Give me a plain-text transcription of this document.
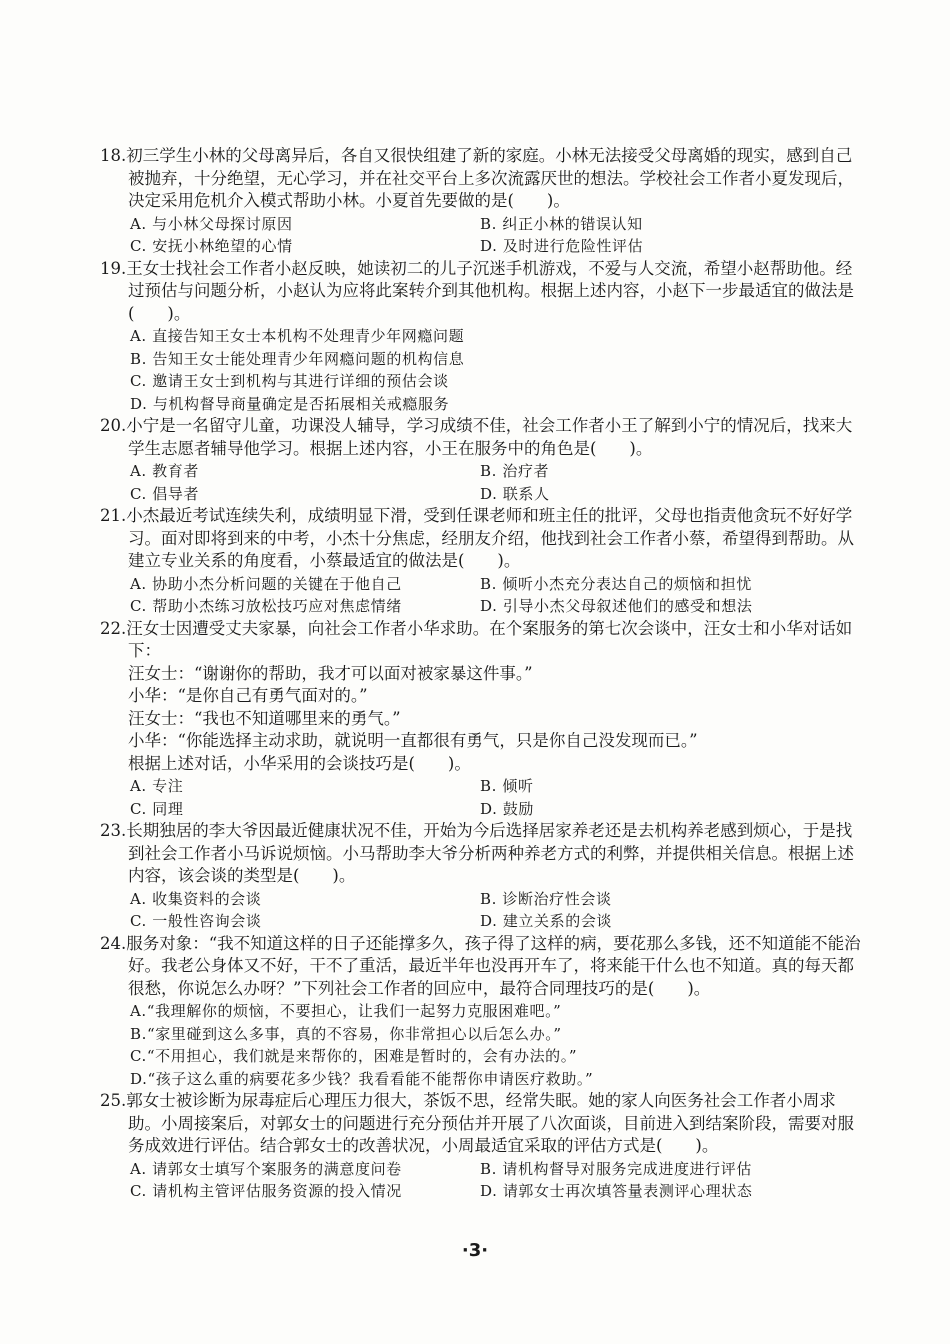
18.初三学生小林的父母离异后，各自又很快组建了新的家庭。小林无法接受父母离婚的现实，感到自己被抛弃，十分绝望，无心学习，并在社交平台上多次流露厌世的想法。学校社会工作者小夏发现后，决定采用危机介入模式帮助小林。小夏首先要做的是(　　)。

A. 与小林父母探讨原因	B. 纠正小林的错误认知
C. 安抚小林绝望的心情	D. 及时进行危险性评估

19.王女士找社会工作者小赵反映，她读初二的儿子沉迷手机游戏，不爱与人交流，希望小赵帮助他。经过预估与问题分析，小赵认为应将此案转介到其他机构。根据上述内容，小赵下一步最适宜的做法是(　　)。

A. 直接告知王女士本机构不处理青少年网瘾问题
B. 告知王女士能处理青少年网瘾问题的机构信息
C. 邀请王女士到机构与其进行详细的预估会谈
D. 与机构督导商量确定是否拓展相关戒瘾服务

20.小宁是一名留守儿童，功课没人辅导，学习成绩不佳，社会工作者小王了解到小宁的情况后，找来大学生志愿者辅导他学习。根据上述内容，小王在服务中的角色是(　　)。

A. 教育者	B. 治疗者
C. 倡导者	D. 联系人

21.小杰最近考试连续失利，成绩明显下滑，受到任课老师和班主任的批评，父母也指责他贪玩不好好学习。面对即将到来的中考，小杰十分焦虑，经朋友介绍，他找到社会工作者小蔡，希望得到帮助。从建立专业关系的角度看，小蔡最适宜的做法是(　　)。

A. 协助小杰分析问题的关键在于他自己	B. 倾听小杰充分表达自己的烦恼和担忧
C. 帮助小杰练习放松技巧应对焦虑情绪	D. 引导小杰父母叙述他们的感受和想法

22.汪女士因遭受丈夫家暴，向社会工作者小华求助。在个案服务的第七次会谈中，汪女士和小华对话如下：

汪女士：“谢谢你的帮助，我才可以面对被家暴这件事。”

小华：“是你自己有勇气面对的。”

汪女士：“我也不知道哪里来的勇气。”

小华：“你能选择主动求助，就说明一直都很有勇气，只是你自己没发现而已。”

根据上述对话，小华采用的会谈技巧是(　　)。

A. 专注	B. 倾听
C. 同理	D. 鼓励

23.长期独居的李大爷因最近健康状况不佳，开始为今后选择居家养老还是去机构养老感到烦心，于是找到社会工作者小马诉说烦恼。小马帮助李大爷分析两种养老方式的利弊，并提供相关信息。根据上述内容，该会谈的类型是(　　)。

A. 收集资料的会谈	B. 诊断治疗性会谈
C. 一般性咨询会谈	D. 建立关系的会谈

24.服务对象：“我不知道这样的日子还能撑多久，孩子得了这样的病，要花那么多钱，还不知道能不能治好。我老公身体又不好，干不了重活，最近半年也没再开车了，将来能干什么也不知道。真的每天都很愁，你说怎么办呀？”下列社会工作者的回应中，最符合同理技巧的是(　　)。

A.“我理解你的烦恼，不要担心，让我们一起努力克服困难吧。”
B.“家里碰到这么多事，真的不容易，你非常担心以后怎么办。”
C.“不用担心，我们就是来帮你的，困难是暂时的，会有办法的。”
D.“孩子这么重的病要花多少钱？我看看能不能帮你申请医疗救助。”

25.郭女士被诊断为尿毒症后心理压力很大，茶饭不思，经常失眠。她的家人向医务社会工作者小周求助。小周接案后，对郭女士的问题进行充分预估并开展了八次面谈，目前进入到结案阶段，需要对服务成效进行评估。结合郭女士的改善状况，小周最适宜采取的评估方式是(　　)。

A. 请郭女士填写个案服务的满意度问卷	B. 请机构督导对服务完成进度进行评估
C. 请机构主管评估服务资源的投入情况	D. 请郭女士再次填答量表测评心理状态
·3·
